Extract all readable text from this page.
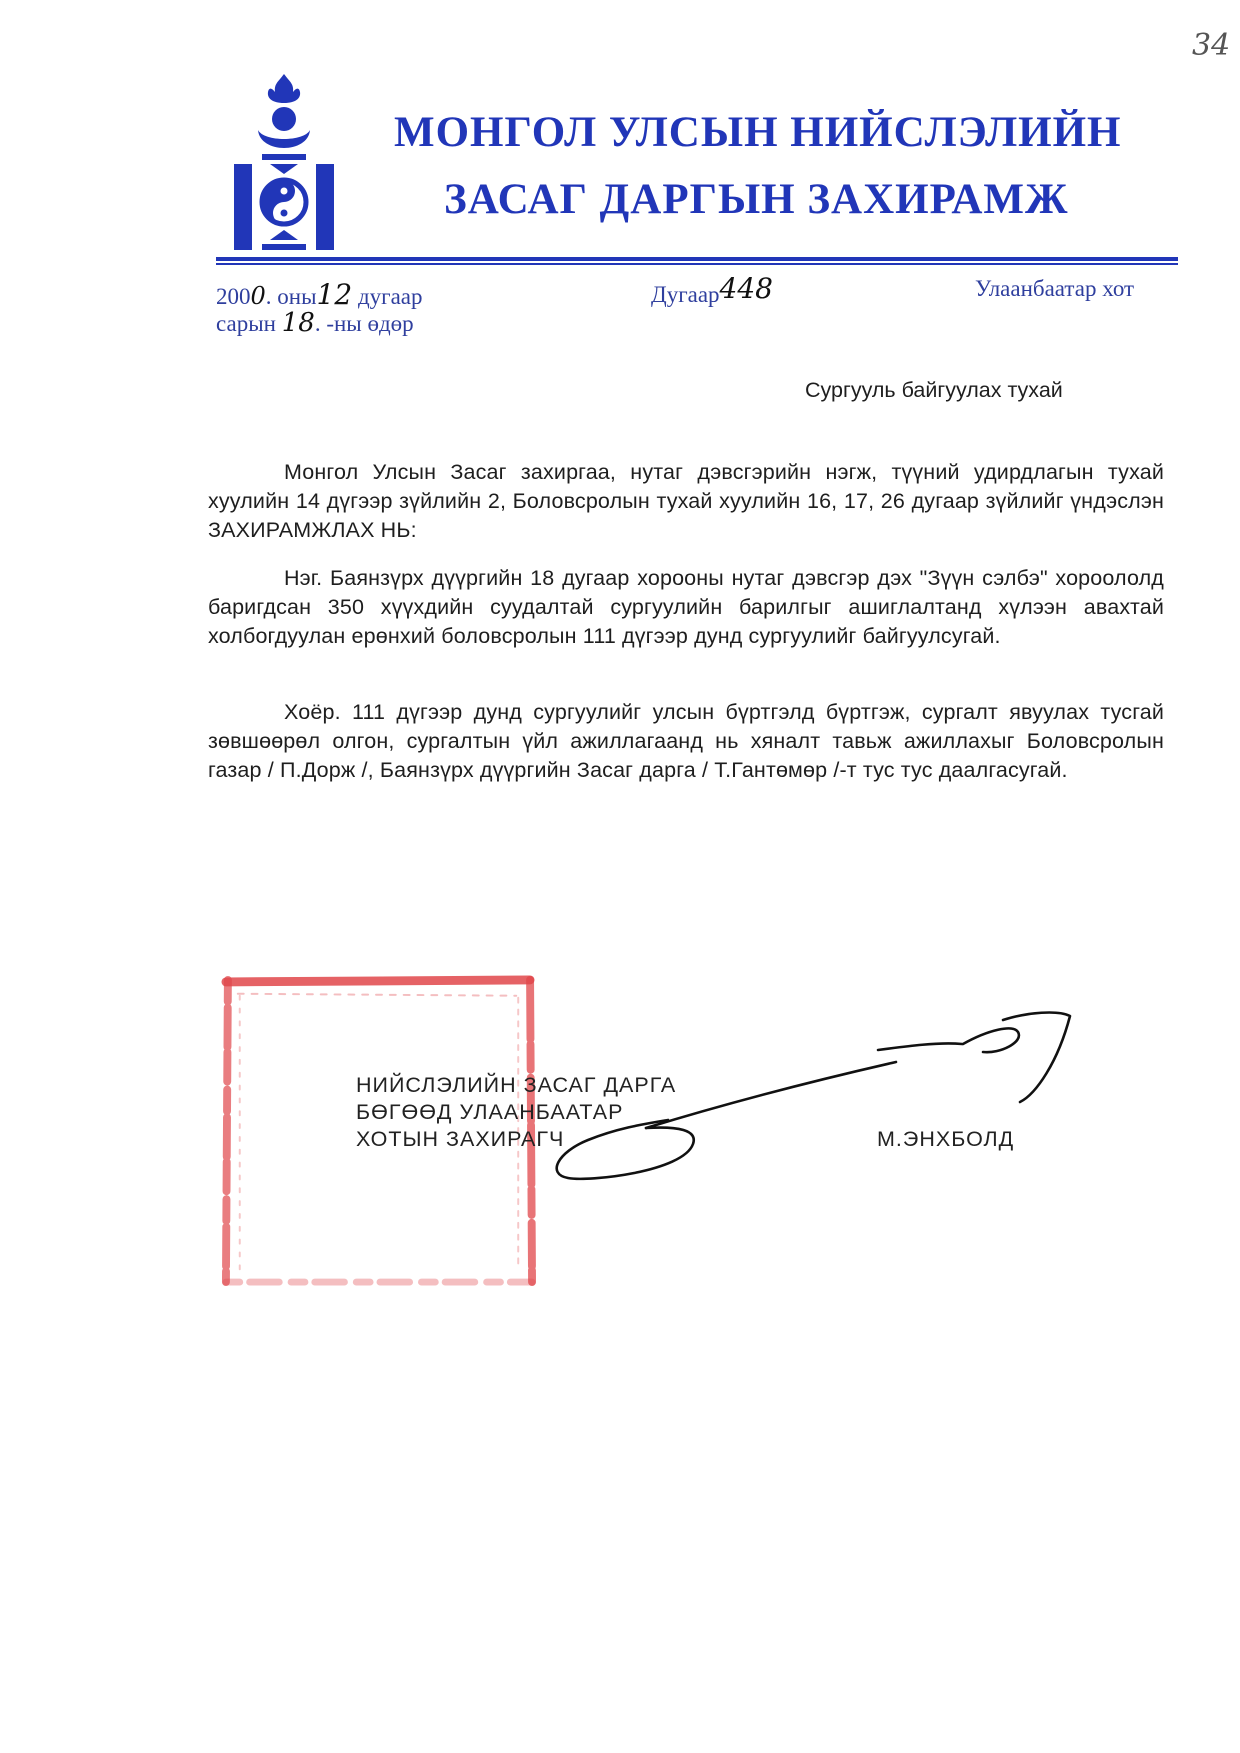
34
МОНГОЛ УЛСЫН НИЙСЛЭЛИЙН
ЗАСАГ ДАРГЫН ЗАХИРАМЖ
2000. оны12 дугаар
сарын 18. -ны өдөр
Дугаар448	Улаанбаатар хот
Сургууль байгуулах тухай
Монгол Улсын Засаг захиргаа, нутаг дэвсгэрийн нэгж, түүний удирдлагын тухай хуулийн 14 дүгээр зүйлийн 2, Боловсролын тухай хуулийн 16, 17, 26 дугаар зүйлийг үндэслэн ЗАХИРАМЖЛАХ НЬ:
Нэг. Баянзүрх дүүргийн 18 дугаар хорооны нутаг дэвсгэр дэх "Зүүн сэлбэ" хороололд баригдсан 350 хүүхдийн суудалтай сургуулийн барилгыг ашиглалтанд хүлээн авахтай холбогдуулан ерөнхий боловсролын 111 дүгээр дунд сургуулийг байгуулсугай.
Хоёр. 111 дүгээр дунд сургуулийг улсын бүртгэлд бүртгэж, сургалт явуулах тусгай зөвшөөрөл олгон, сургалтын үйл ажиллагаанд нь хяналт тавьж ажиллахыг Боловсролын газар / П.Дорж /, Баянзүрх дүүргийн Засаг дарга / Т.Гантөмөр /-т тус тус даалгасугай.
НИЙСЛЭЛИЙН ЗАСАГ ДАРГА
БӨГӨӨД УЛААНБААТАР
ХОТЫН ЗАХИРАГЧ	М.ЭНХБОЛД
